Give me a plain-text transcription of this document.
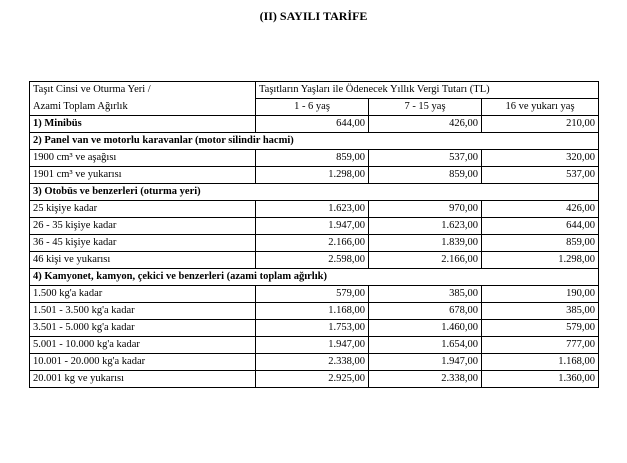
(II) SAYILI TARİFE
Taşıt Cinsi ve Oturma Yeri /
Azami Toplam Ağırlık	Taşıtların Yaşları ile Ödenecek Yıllık Vergi Tutarı (TL)		
	1 - 6 yaş	7 - 15 yaş	16 ve yukarı yaş
1) Minibüs	644,00	426,00	210,00
2) Panel van ve motorlu karavanlar (motor silindir hacmi)			
1900 cm³ ve aşağısı	859,00	537,00	320,00
1901 cm³ ve yukarısı	1.298,00	859,00	537,00
3) Otobüs ve benzerleri (oturma yeri)			
25 kişiye kadar	1.623,00	970,00	426,00
26 - 35 kişiye kadar	1.947,00	1.623,00	644,00
36 - 45 kişiye kadar	2.166,00	1.839,00	859,00
46 kişi ve yukarısı	2.598,00	2.166,00	1.298,00
4) Kamyonet, kamyon, çekici ve benzerleri (azami toplam ağırlık)			
1.500 kg'a kadar	579,00	385,00	190,00
1.501 - 3.500 kg'a kadar	1.168,00	678,00	385,00
3.501 - 5.000 kg'a kadar	1.753,00	1.460,00	579,00
5.001 - 10.000 kg'a kadar	1.947,00	1.654,00	777,00
10.001 - 20.000 kg'a kadar	2.338,00	1.947,00	1.168,00
20.001 kg ve yukarısı	2.925,00	2.338,00	1.360,00
